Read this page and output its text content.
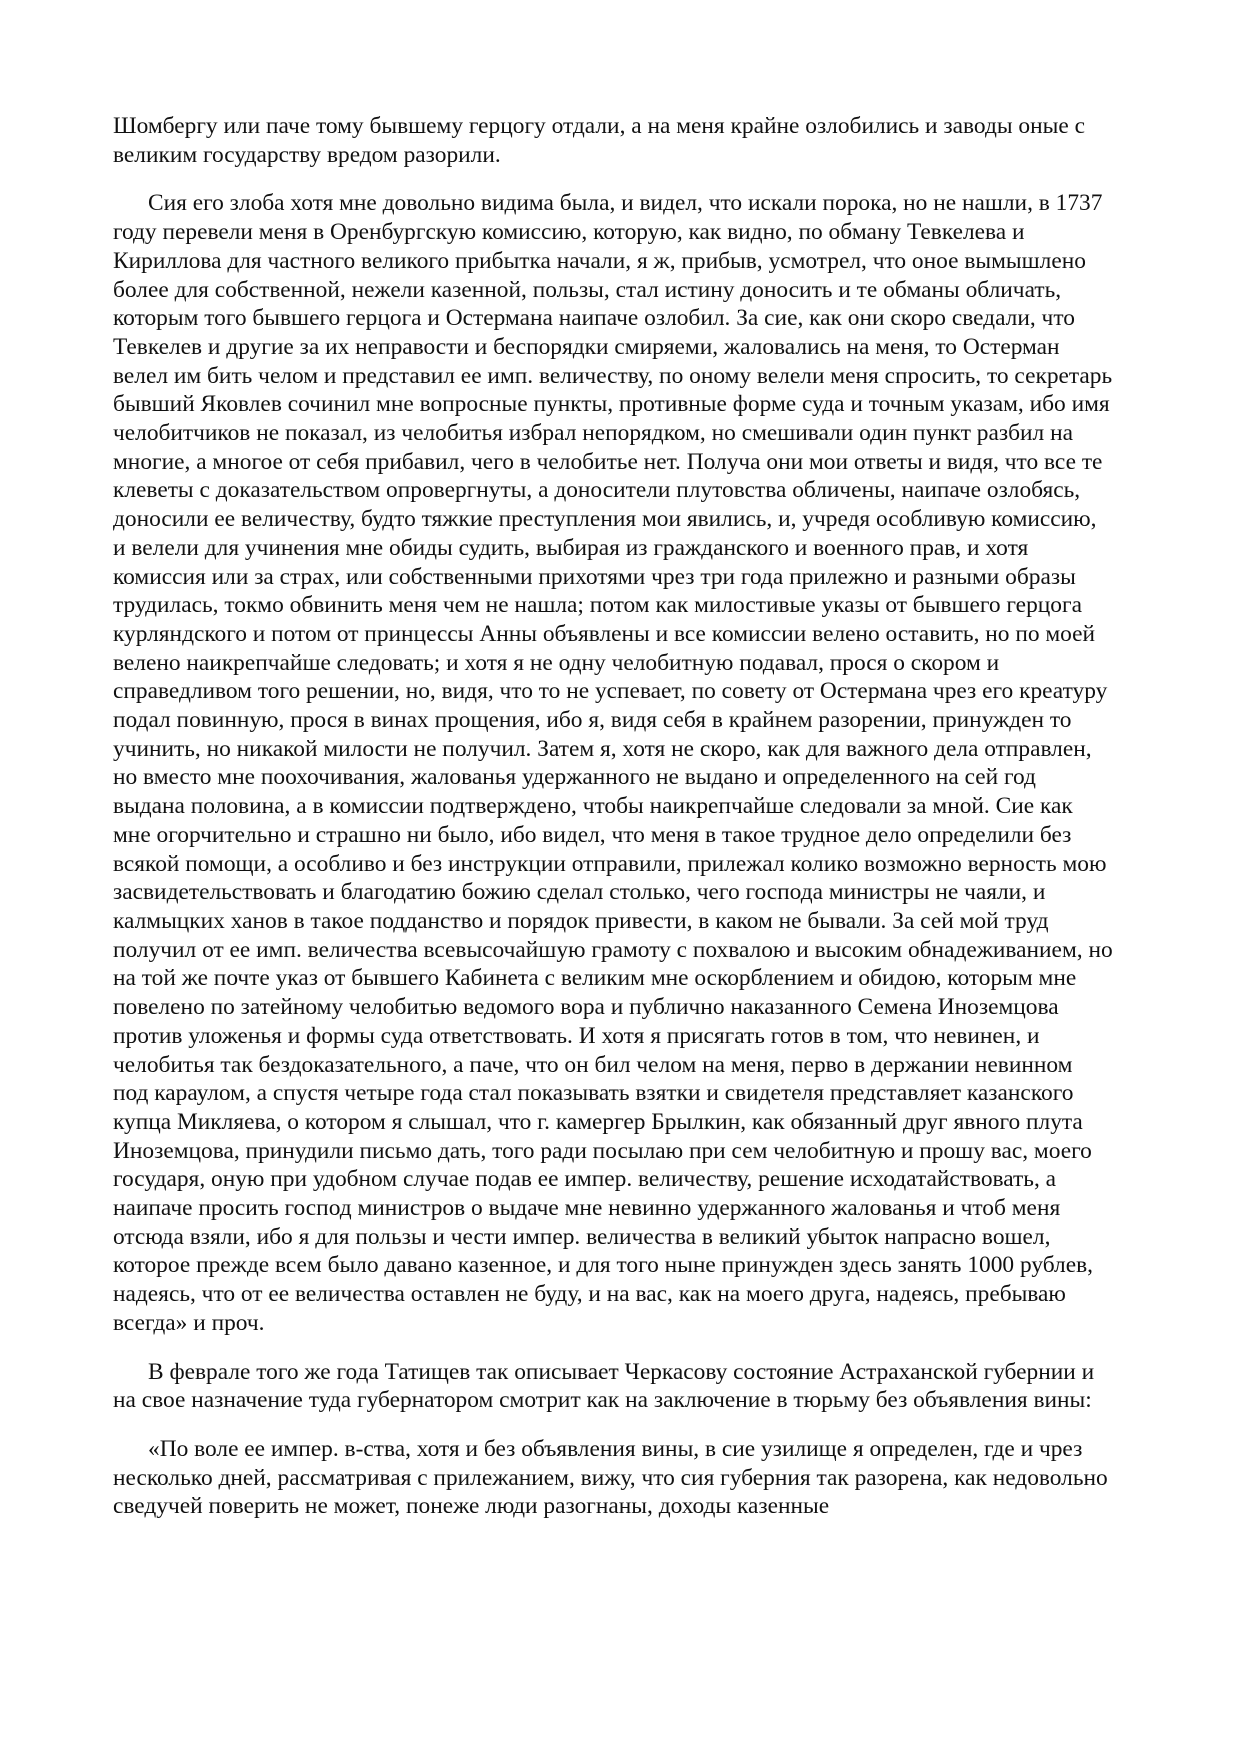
Шомбергу или паче тому бывшему герцогу отдали, а на меня крайне озлобились и заводы оные с великим государству вредом разорили.

Сия его злоба хотя мне довольно видима была, и видел, что искали порока, но не нашли, в 1737 году перевели меня в Оренбургскую комиссию, которую, как видно, по обману Тевкелева и Кириллова для частного великого прибытка начали, я ж, прибыв, усмотрел, что оное вымышлено более для собственной, нежели казенной, пользы, стал истину доносить и те обманы обличать, которым того бывшего герцога и Остермана наипаче озлобил. За сие, как они скоро сведали, что Тевкелев и другие за их неправости и беспорядки смиряеми, жаловались на меня, то Остерман велел им бить челом и представил ее имп. величеству, по оному велели меня спросить, то секретарь бывший Яковлев сочинил мне вопросные пункты, противные форме суда и точным указам, ибо имя челобитчиков не показал, из челобитья избрал непорядком, но смешивали один пункт разбил на многие, а многое от себя прибавил, чего в челобитье нет. Получа они мои ответы и видя, что все те клеветы с доказательством опровергнуты, а доносители плутовства обличены, наипаче озлобясь, доносили ее величеству, будто тяжкие преступления мои явились, и, учредя особливую комиссию, и велели для учинения мне обиды судить, выбирая из гражданского и военного прав, и хотя комиссия или за страх, или собственными прихотями чрез три года прилежно и разными образы трудилась, токмо обвинить меня чем не нашла; потом как милостивые указы от бывшего герцога курляндского и потом от принцессы Анны объявлены и все комиссии велено оставить, но по моей велено наикрепчайше следовать; и хотя я не одну челобитную подавал, прося о скором и справедливом того решении, но, видя, что то не успевает, по совету от Остермана чрез его креатуру подал повинную, прося в винах прощения, ибо я, видя себя в крайнем разорении, принужден то учинить, но никакой милости не получил. Затем я, хотя не скоро, как для важного дела отправлен, но вместо мне поохочивания, жалованья удержанного не выдано и определенного на сей год выдана половина, а в комиссии подтверждено, чтобы наикрепчайше следовали за мной. Сие как мне огорчительно и страшно ни было, ибо видел, что меня в такое трудное дело определили без всякой помощи, а особливо и без инструкции отправили, прилежал колико возможно верность мою засвидетельствовать и благодатию божию сделал столько, чего господа министры не чаяли, и калмыцких ханов в такое подданство и порядок привести, в каком не бывали. За сей мой труд получил от ее имп. величества всевысочайшую грамоту с похвалою и высоким обнадеживанием, но на той же почте указ от бывшего Кабинета с великим мне оскорблением и обидою, которым мне повелено по затейному челобитью ведомого вора и публично наказанного Семена Иноземцова против уложенья и формы суда ответствовать. И хотя я присягать готов в том, что невинен, и челобитья так бездоказательного, а паче, что он бил челом на меня, перво в держании невинном под караулом, а спустя четыре года стал показывать взятки и свидетеля представляет казанского купца Микляева, о котором я слышал, что г. камергер Брылкин, как обязанный друг явного плута Иноземцова, принудили письмо дать, того ради посылаю при сем челобитную и прошу вас, моего государя, оную при удобном случае подав ее импер. величеству, решение исходатайствовать, а наипаче просить господ министров о выдаче мне невинно удержанного жалованья и чтоб меня отсюда взяли, ибо я для пользы и чести импер. величества в великий убыток напрасно вошел, которое прежде всем было давано казенное, и для того ныне принужден здесь занять 1000 рублев, надеясь, что от ее величества оставлен не буду, и на вас, как на моего друга, надеясь, пребываю всегда» и проч.

В феврале того же года Татищев так описывает Черкасову состояние Астраханской губернии и на свое назначение туда губернатором смотрит как на заключение в тюрьму без объявления вины:

«По воле ее импер. в-ства, хотя и без объявления вины, в сие узилище я определен, где и чрез несколько дней, рассматривая с прилежанием, вижу, что сия губерния так разорена, как недовольно сведучей поверить не может, понеже люди разогнаны, доходы казенные
